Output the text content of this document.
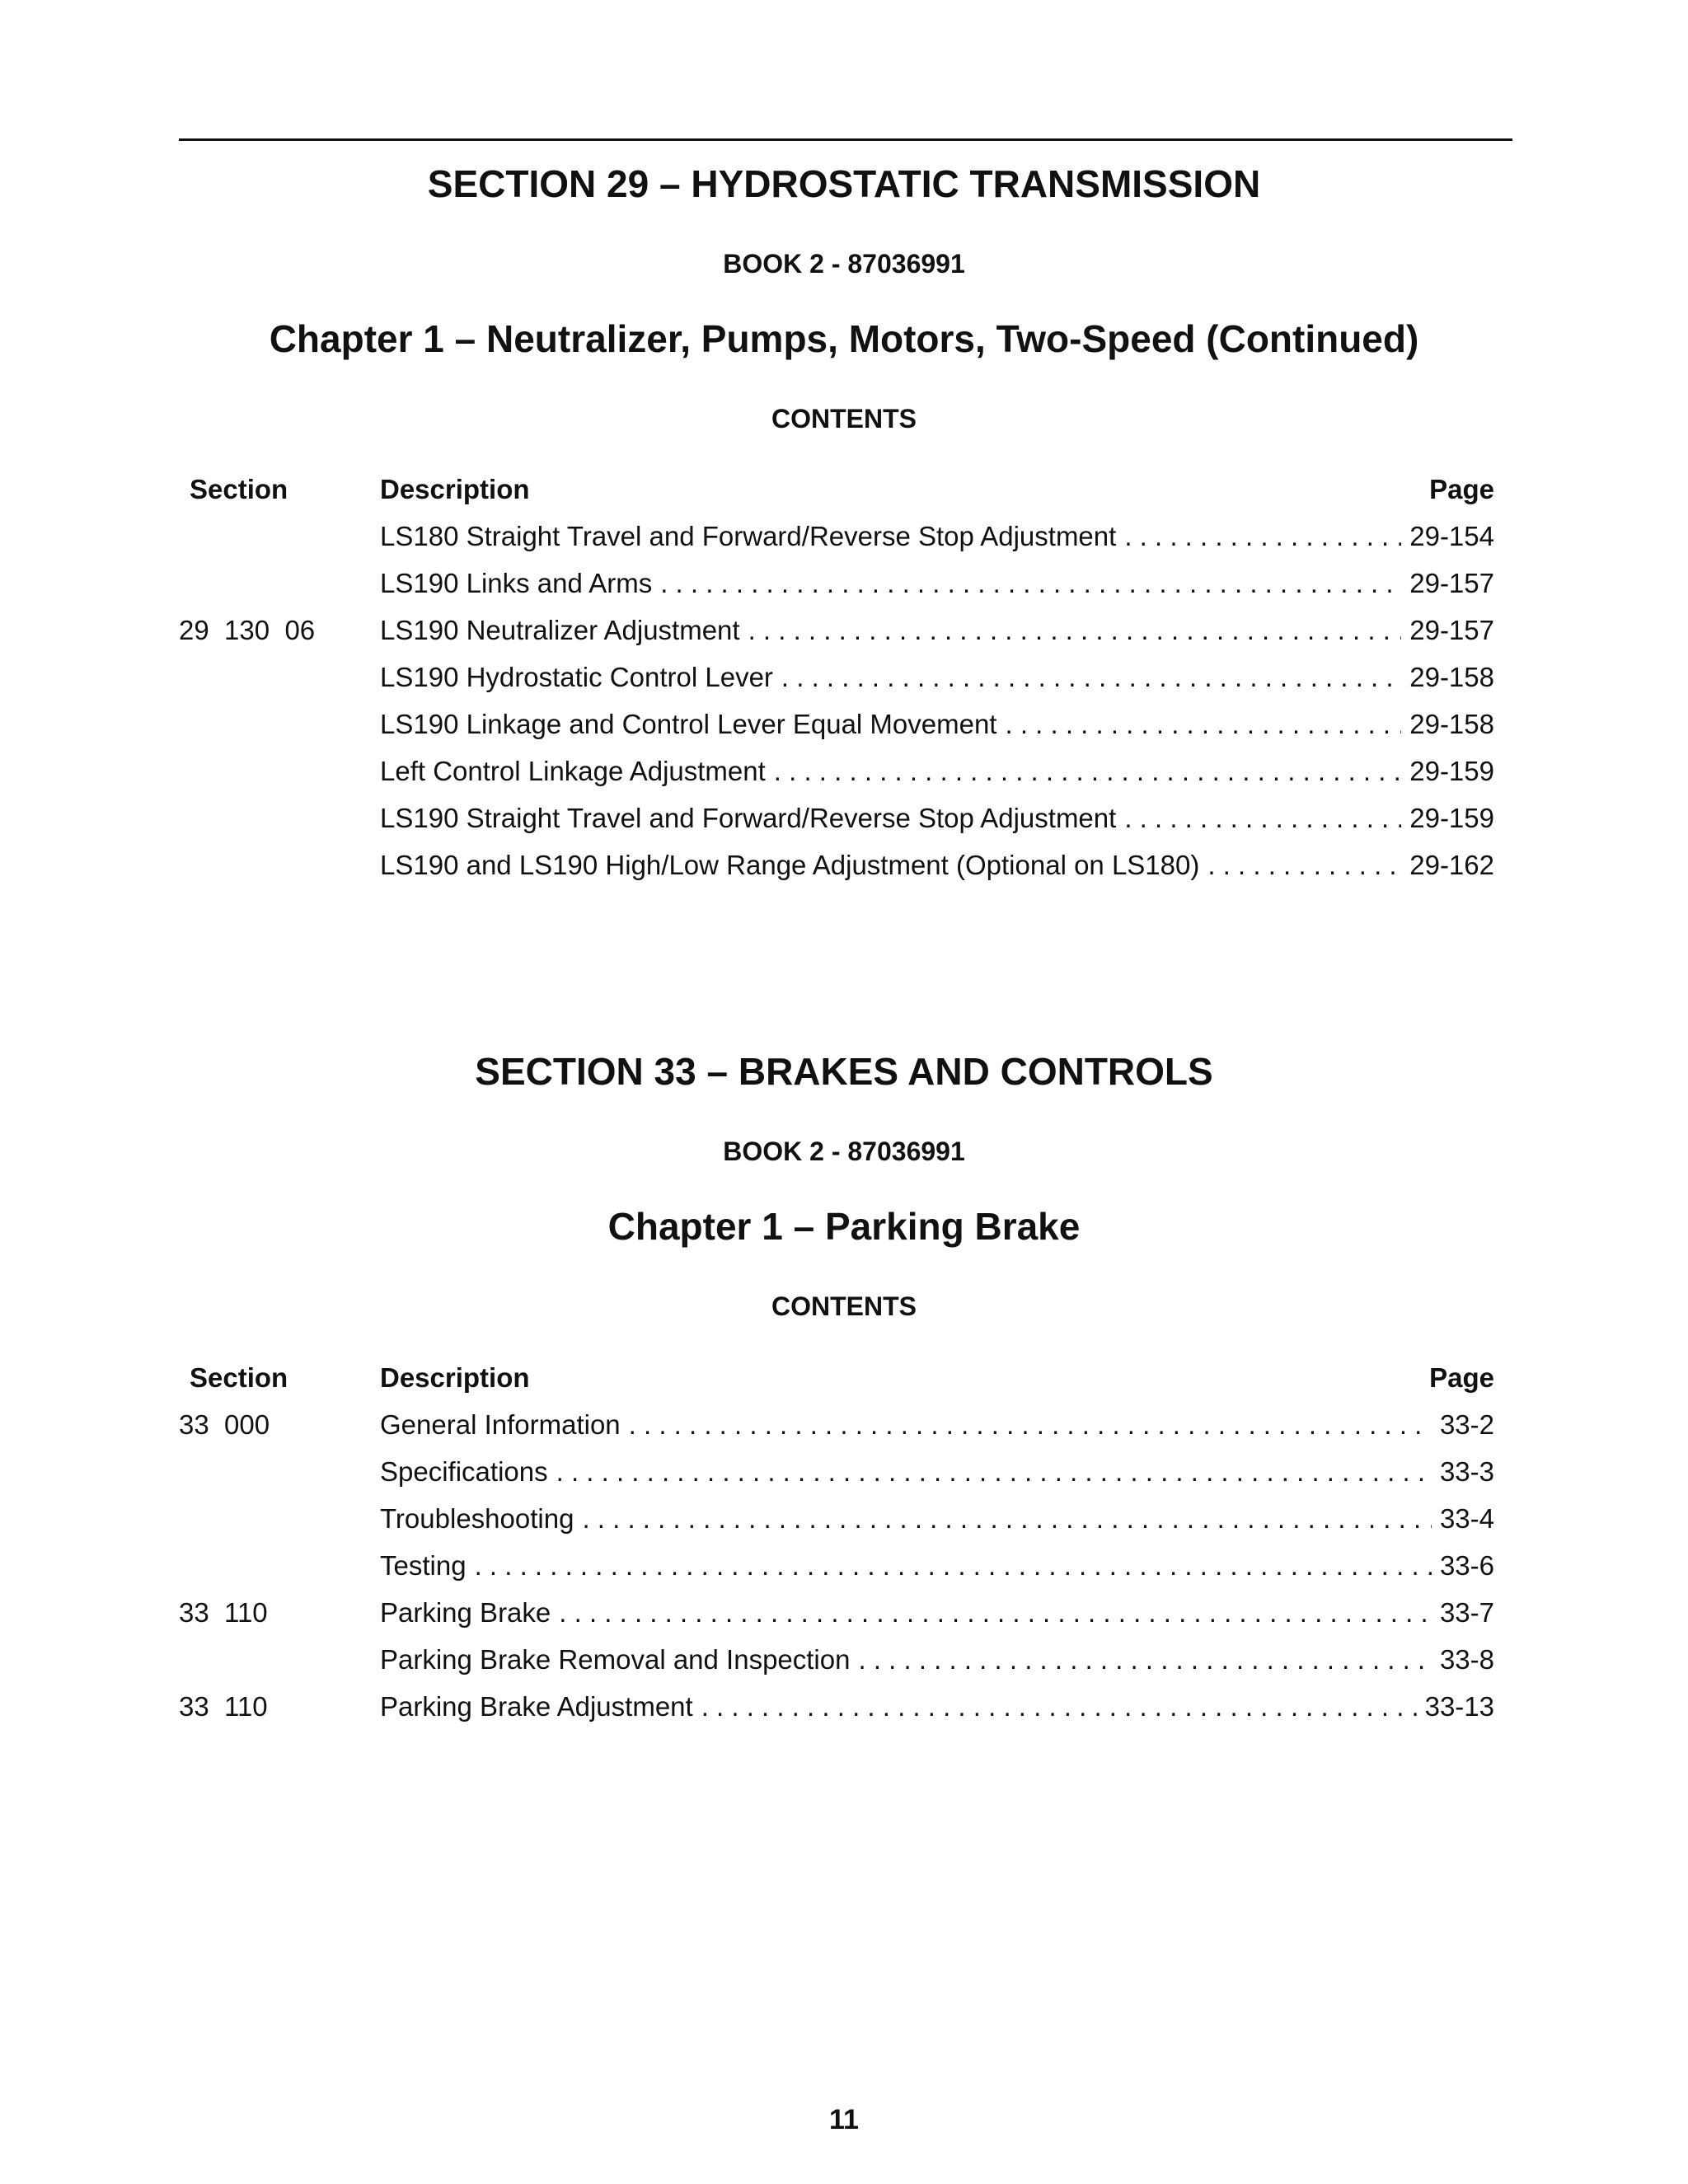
SECTION 29 – HYDROSTATIC TRANSMISSION
BOOK 2 - 87036991
Chapter 1 – Neutralizer, Pumps, Motors, Two-Speed (Continued)
CONTENTS
Section	Description	Page
LS180 Straight Travel and Forward/Reverse Stop Adjustment . . .	29-154
LS190 Links and Arms . . .	29-157
29  130  06	LS190 Neutralizer Adjustment . . .	29-157
LS190 Hydrostatic Control Lever . . .	29-158
LS190 Linkage and Control Lever Equal Movement . . .	29-158
Left Control Linkage Adjustment . . .	29-159
LS190 Straight Travel and Forward/Reverse Stop Adjustment . . .	29-159
LS190 and LS190 High/Low Range Adjustment (Optional on LS180) . . .	29-162
SECTION 33 – BRAKES AND CONTROLS
BOOK 2 - 87036991
Chapter 1 – Parking Brake
CONTENTS
Section	Description	Page
33  000	General Information . . .	33-2
Specifications . . .	33-3
Troubleshooting . . .	33-4
Testing . . .	33-6
33  110	Parking Brake . . .	33-7
Parking Brake Removal and Inspection . . .	33-8
33  110	Parking Brake Adjustment . . .	33-13
11
